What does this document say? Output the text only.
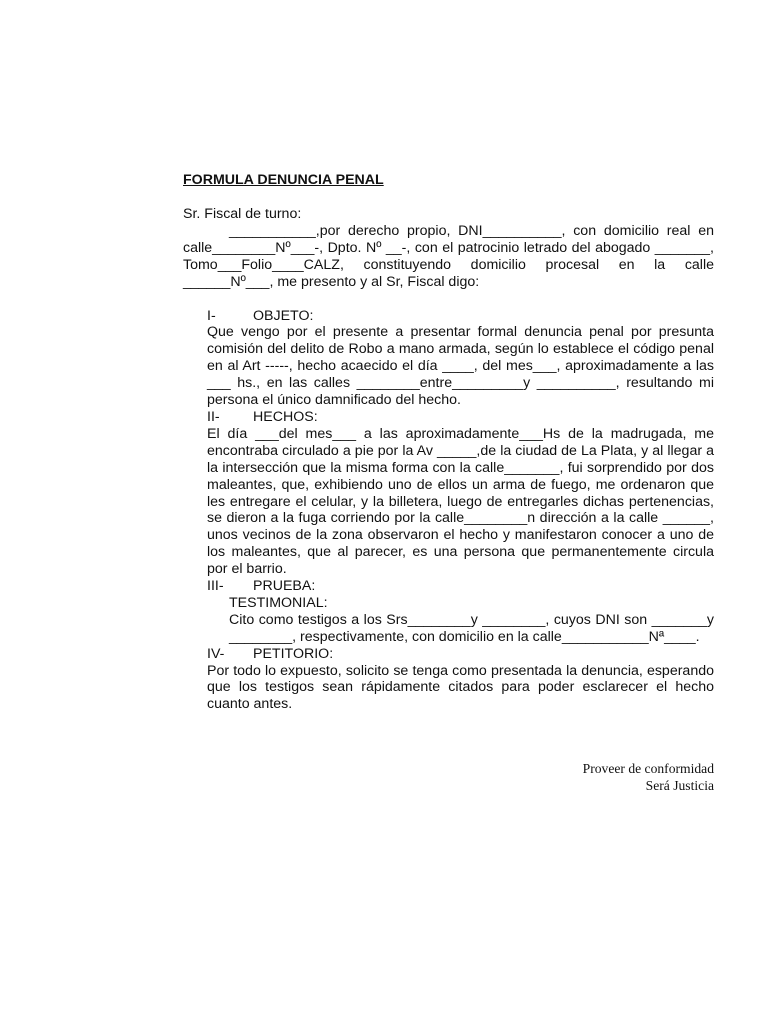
FORMULA DENUNCIA PENAL

Sr. Fiscal de turno:
___________,por derecho propio, DNI__________, con domicilio real en calle________Nº___-, Dpto. Nº __-, con el patrocinio letrado del abogado _______, Tomo___Folio____CALZ, constituyendo domicilio procesal en la calle ______Nº___, me presento y al Sr, Fiscal digo:
I-	OBJETO:
Que vengo por el presente a presentar formal denuncia penal por presunta comisión del delito de Robo a mano armada, según lo establece el código penal en al Art -----, hecho acaecido el día ____, del mes___, aproximadamente a las ___ hs., en las calles ________entre_________y __________, resultando mi persona el único damnificado del hecho.
II-	HECHOS:
El día ___del mes___ a las aproximadamente___Hs de la madrugada, me encontraba circulado a pie por la Av _____,de la ciudad de La Plata, y al llegar a la intersección que la misma forma con la calle_______, fui sorprendido por dos maleantes, que, exhibiendo uno de ellos un arma de fuego, me ordenaron que les entregare el celular, y la billetera, luego de entregarles dichas pertenencias, se dieron a la fuga corriendo por la calle________n dirección a la calle ______, unos vecinos de la zona observaron el hecho y manifestaron conocer a uno de los maleantes, que al parecer, es una persona que permanentemente circula por el barrio.
III-	PRUEBA:
TESTIMONIAL:
Cito como testigos a los Srs________y ________, cuyos DNI son _______y ________, respectivamente, con domicilio en la calle___________Nª____.
IV-	PETITORIO:
Por todo lo expuesto, solicito se tenga como presentada la denuncia, esperando que los testigos sean rápidamente citados para poder esclarecer el hecho cuanto antes.
Proveer de conformidad
Será Justicia
